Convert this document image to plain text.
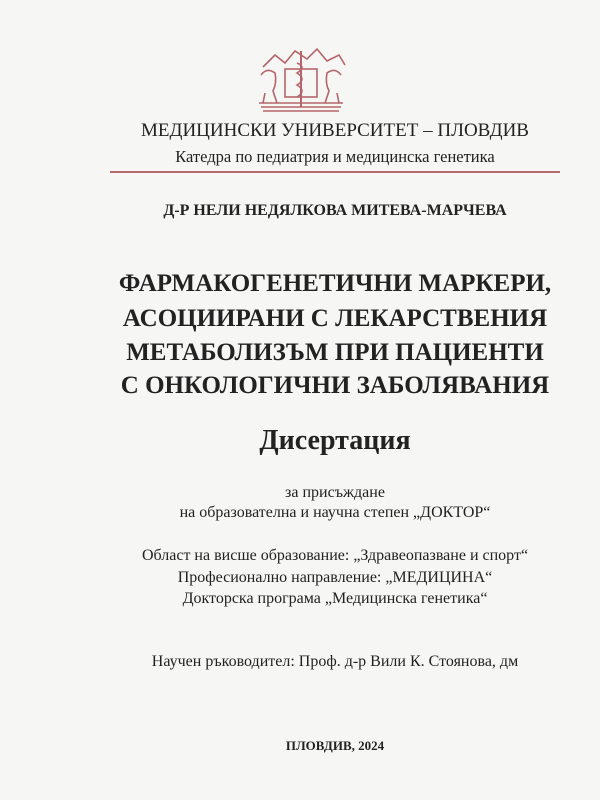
МЕДИЦИНСКИ УНИВЕРСИТЕТ – ПЛОВДИВ
Катедра по педиатрия и медицинска генетика
Д-Р НЕЛИ НЕДЯЛКОВА МИТЕВА-МАРЧЕВА
ФАРМАКОГЕНЕТИЧНИ МАРКЕРИ,
АСОЦИИРАНИ С ЛЕКАРСТВЕНИЯ
МЕТАБОЛИЗЪМ ПРИ ПАЦИЕНТИ
С ОНКОЛОГИЧНИ ЗАБОЛЯВАНИЯ
Дисертация
за присъждане
на образователна и научна степен „ДОКТОР“
Област на висше образование: „Здравеопазване и спорт“
Професионално направление: „МЕДИЦИНА“
Докторска програма „Медицинска генетика“
Научен ръководител: Проф. д-р Вили К. Стоянова, дм
ПЛОВДИВ, 2024
